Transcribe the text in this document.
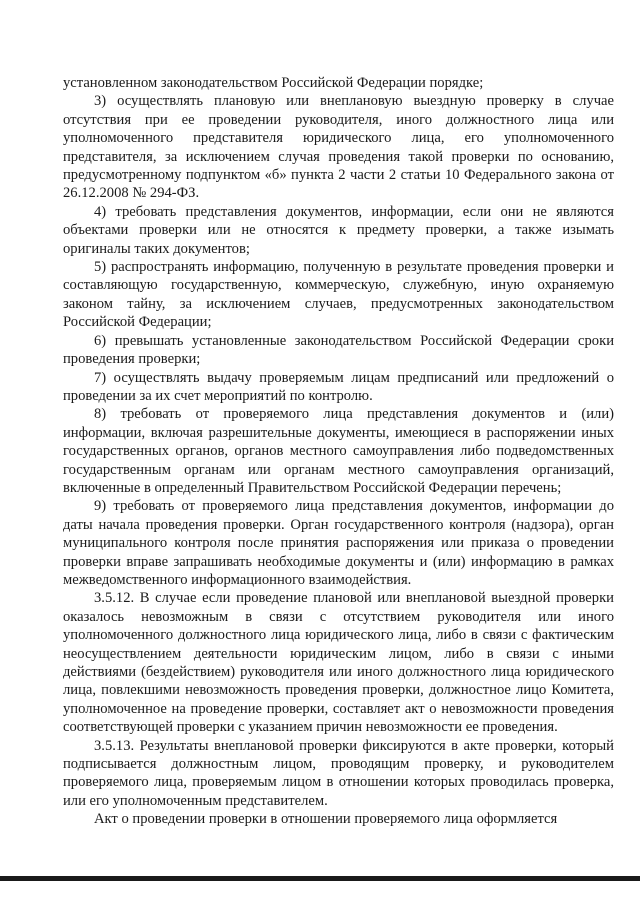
установленном законодательством Российской Федерации порядке;

3) осуществлять плановую или внеплановую выездную проверку в случае отсутствия при ее проведении руководителя, иного должностного лица или уполномоченного представителя юридического лица, его уполномоченного представителя, за исключением случая проведения такой проверки по основанию, предусмотренному подпунктом «б» пункта 2 части 2 статьи 10 Федерального закона от 26.12.2008 № 294-ФЗ.

4) требовать представления документов, информации, если они не являются объектами проверки или не относятся к предмету проверки, а также изымать оригиналы таких документов;

5) распространять информацию, полученную в результате проведения проверки и составляющую государственную, коммерческую, служебную, иную охраняемую законом тайну, за исключением случаев, предусмотренных законодательством Российской Федерации;

6) превышать установленные законодательством Российской Федерации сроки проведения проверки;

7) осуществлять выдачу проверяемым лицам предписаний или предложений о проведении за их счет мероприятий по контролю.

8) требовать от проверяемого лица представления документов и (или) информации, включая разрешительные документы, имеющиеся в распоряжении иных государственных органов, органов местного самоуправления либо подведомственных государственным органам или органам местного самоуправления организаций, включенные в определенный Правительством Российской Федерации перечень;

9) требовать от проверяемого лица представления документов, информации до даты начала проведения проверки. Орган государственного контроля (надзора), орган муниципального контроля после принятия распоряжения или приказа о проведении проверки вправе запрашивать необходимые документы и (или) информацию в рамках межведомственного информационного взаимодействия.

3.5.12. В случае если проведение плановой или внеплановой выездной проверки оказалось невозможным в связи с отсутствием руководителя или иного уполномоченного должностного лица юридического лица, либо в связи с фактическим неосуществлением деятельности юридическим лицом, либо в связи с иными действиями (бездействием) руководителя или иного должностного лица юридического лица, повлекшими невозможность проведения проверки, должностное лицо Комитета, уполномоченное на проведение проверки, составляет акт о невозможности проведения соответствующей проверки с указанием причин невозможности ее проведения.

3.5.13. Результаты внеплановой проверки фиксируются в акте проверки, который подписывается должностным лицом, проводящим проверку, и руководителем проверяемого лица, проверяемым лицом в отношении которых проводилась проверка, или его уполномоченным представителем.

Акт о проведении проверки в отношении проверяемого лица оформляется
